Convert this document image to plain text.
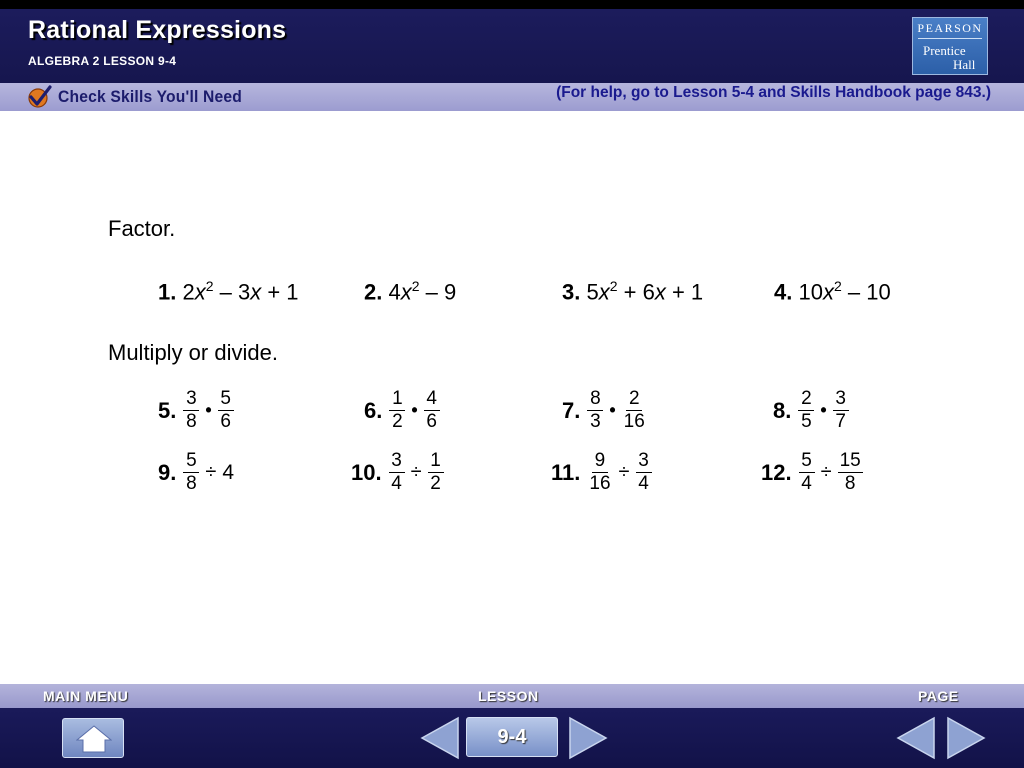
Rational Expressions
ALGEBRA 2 LESSON 9-4
PEARSON
Prentice
Hall
Check Skills You'll Need	(For help, go to Lesson 5-4 and Skills Handbook page 843.)
Factor.
1. $2x^2 - 3x + 1$	2. $4x^2 - 9$	3. $5x^2 + 6x + 1$	4. $10x^2 - 10$
Multiply or divide.
5. $\frac{3}{8}$ • $\frac{5}{6}$	6. $\frac{1}{2}$ • $\frac{4}{6}$	7. $\frac{8}{3}$ • $\frac{2}{16}$	8. $\frac{2}{5}$ • $\frac{3}{7}$
9. $\frac{5}{8} \div 4$	10. $\frac{3}{4} \div \frac{1}{2}$	11. $\frac{9}{16} \div \frac{3}{4}$	12. $\frac{5}{4} \div \frac{15}{8}$
MAIN MENU	LESSON	PAGE
9-4
